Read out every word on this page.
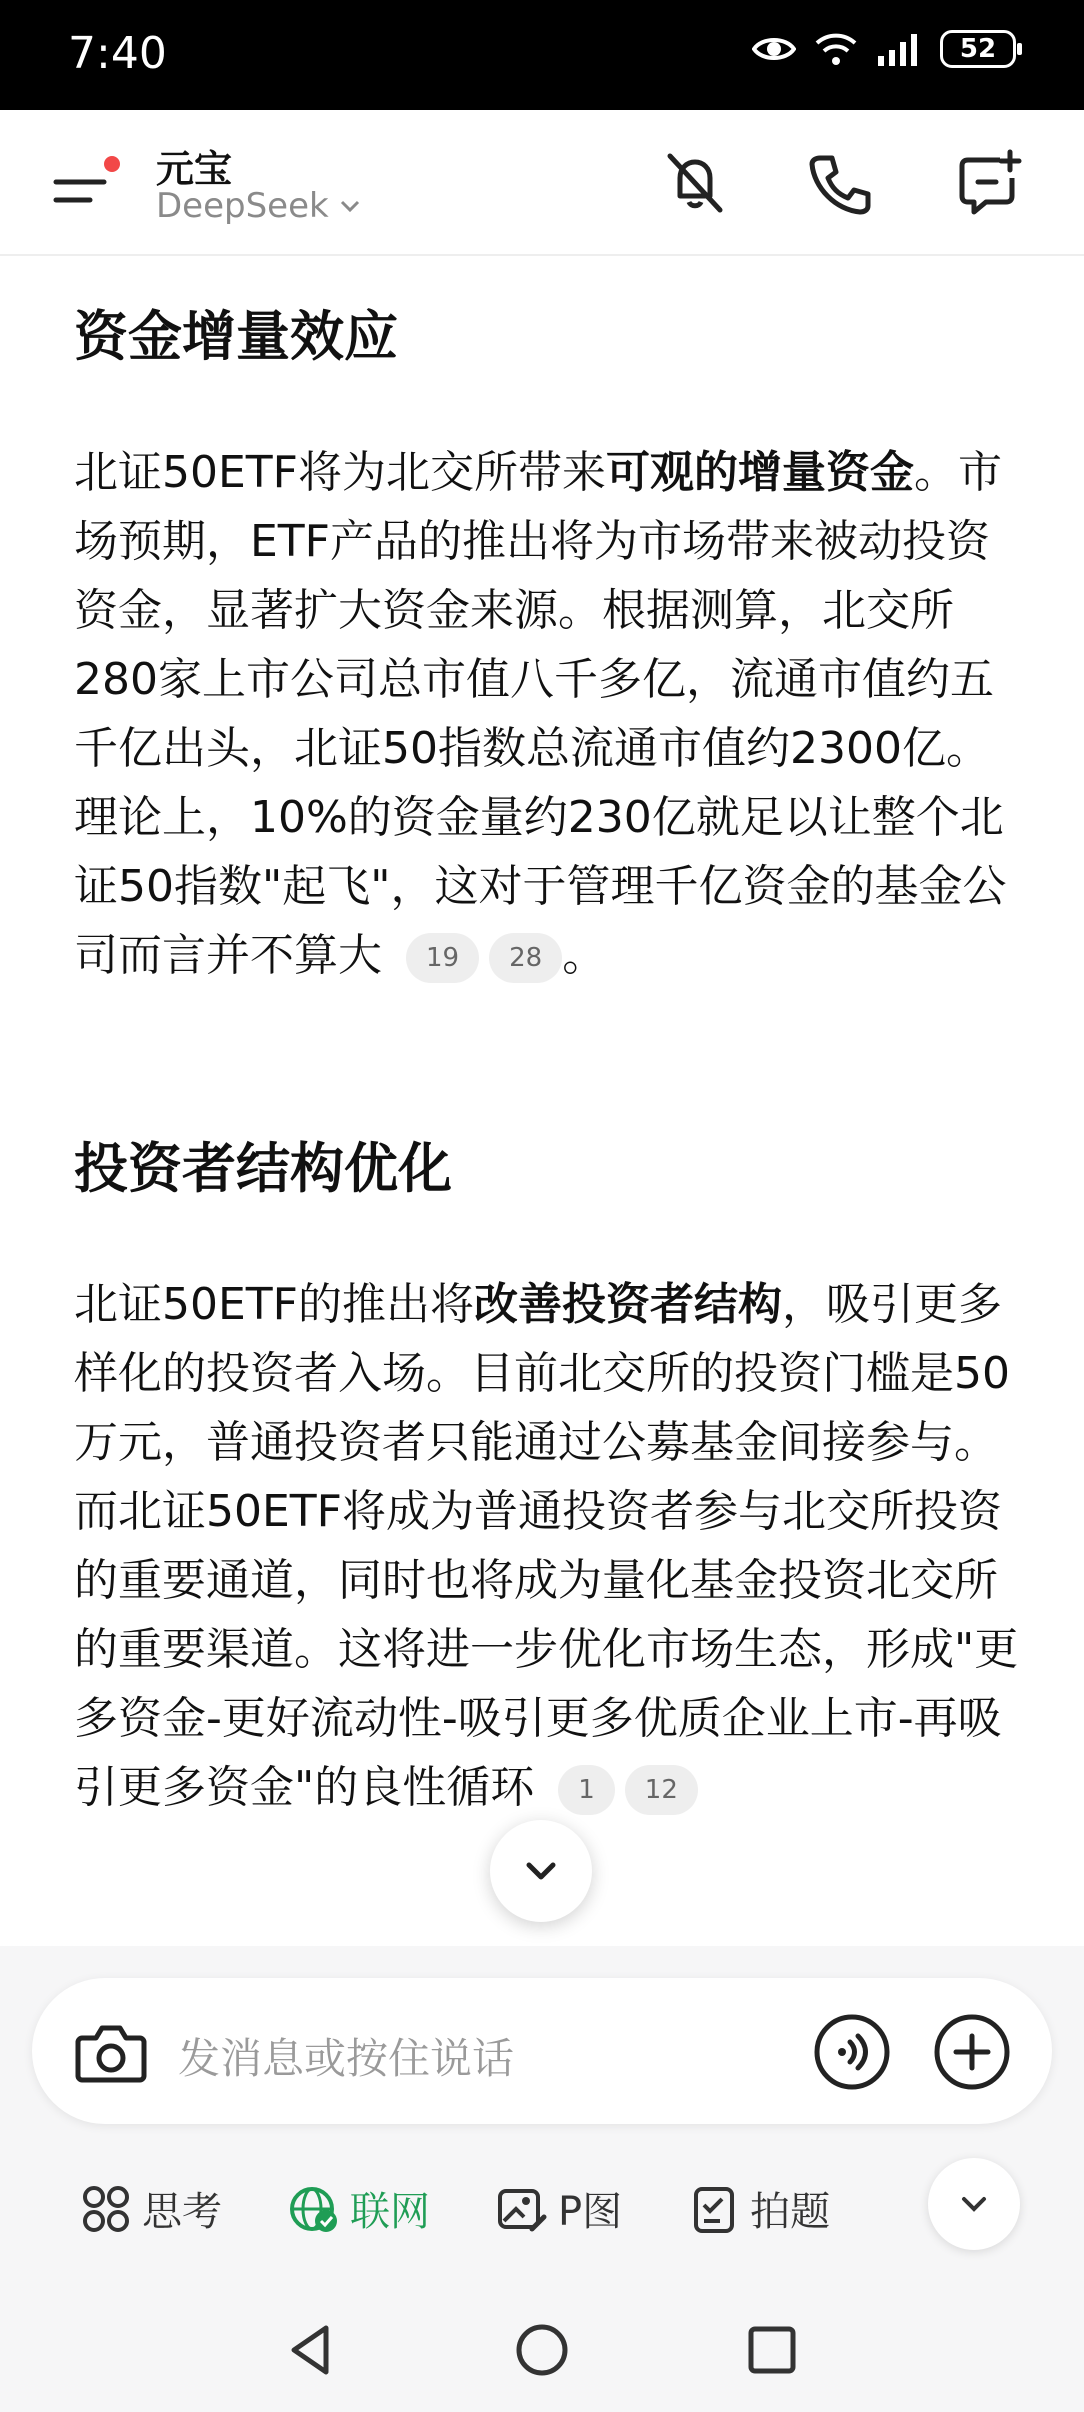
7:40	52
元宝
DeepSeek
资金增量效应

北证50ETF将为北交所带来可观的增量资金。市场预期，ETF产品的推出将为市场带来被动投资资金，显著扩大资金来源。根据测算，北交所280家上市公司总市值八千多亿，流通市值约五千亿出头，北证50指数总流通市值约2300亿。理论上，10%的资金量约230亿就足以让整个北证50指数"起飞"，这对于管理千亿资金的基金公司而言并不算大 19 28 。

投资者结构优化

北证50ETF的推出将改善投资者结构，吸引更多样化的投资者入场。目前北交所的投资门槛是50万元，普通投资者只能通过公募基金间接参与。而北证50ETF将成为普通投资者参与北交所投资的重要通道，同时也将成为量化基金投资北交所的重要渠道。这将进一步优化市场生态，形成"更多资金-更好流动性-吸引更多优质企业上市-再吸引更多资金"的良性循环 1 12

发消息或按住说话
思考	联网	P图	拍题
